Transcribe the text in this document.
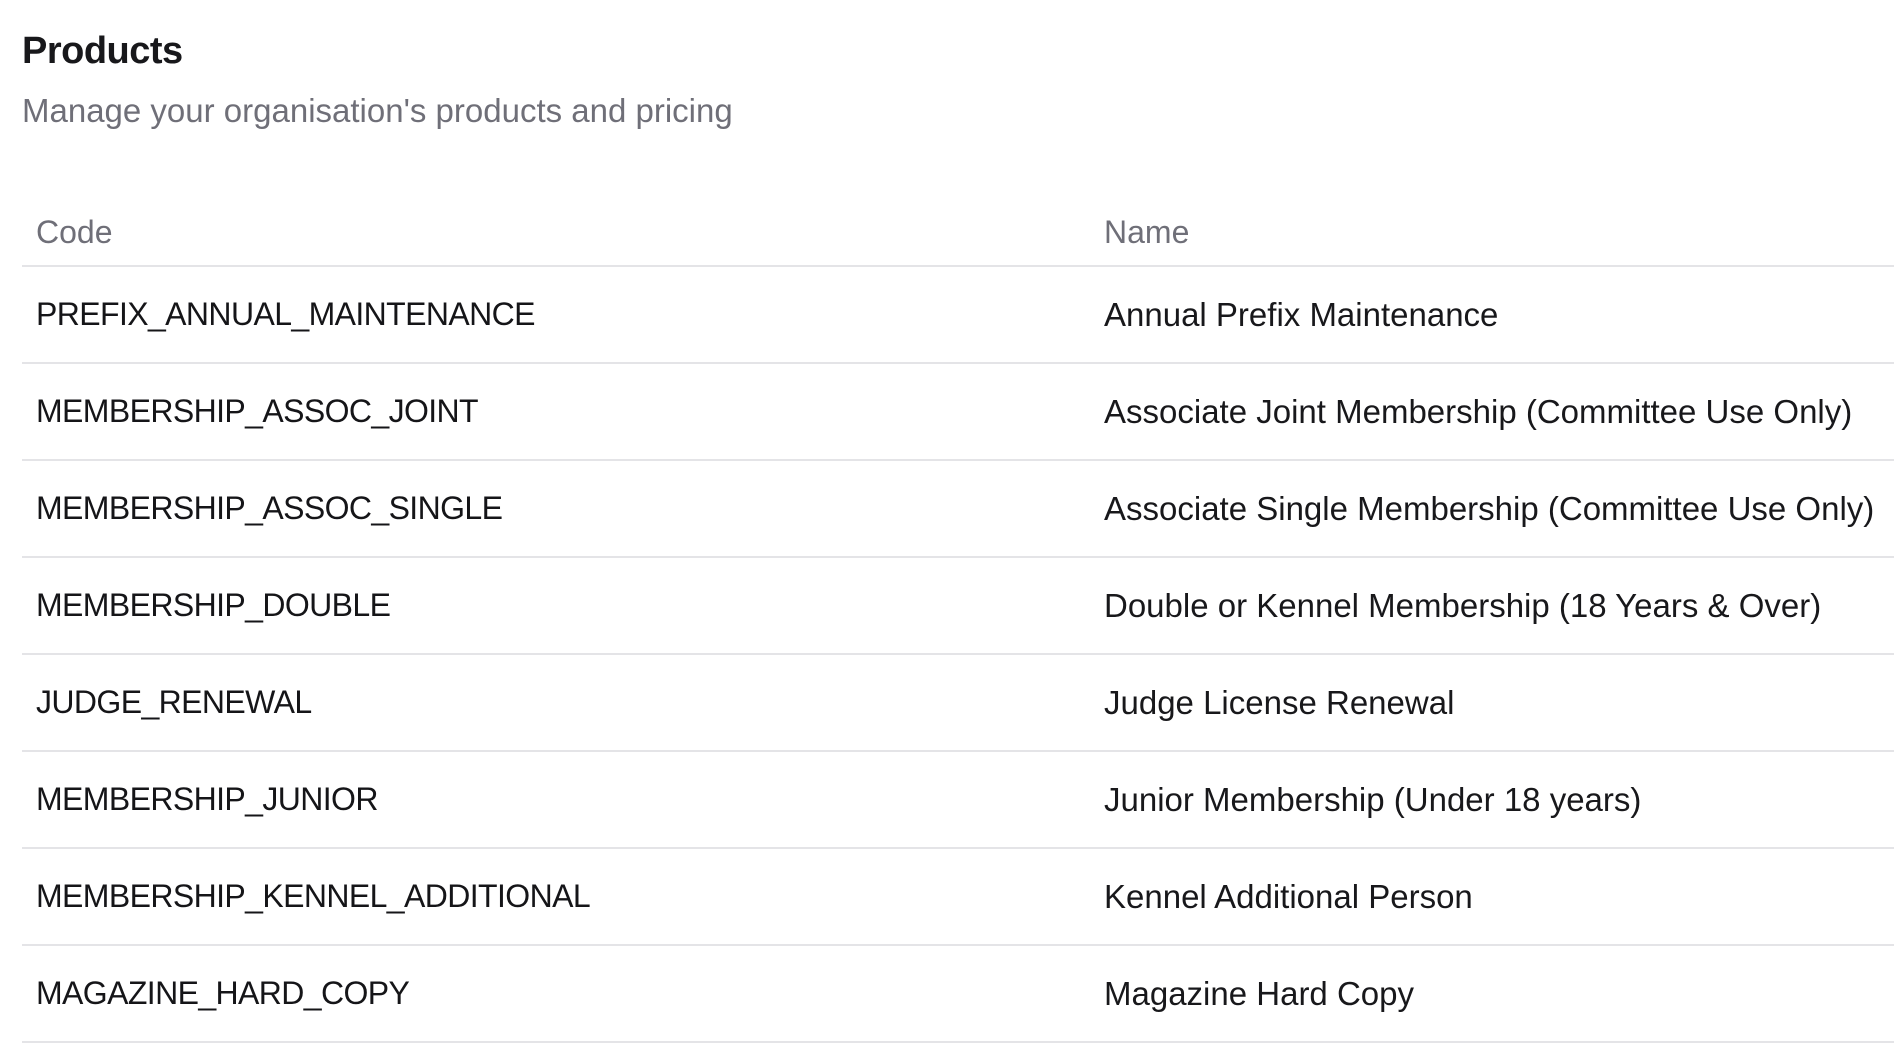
Products

Manage your organisation's products and pricing

Code	Name
PREFIX_ANNUAL_MAINTENANCE	Annual Prefix Maintenance
MEMBERSHIP_ASSOC_JOINT	Associate Joint Membership (Committee Use Only)
MEMBERSHIP_ASSOC_SINGLE	Associate Single Membership (Committee Use Only)
MEMBERSHIP_DOUBLE	Double or Kennel Membership (18 Years & Over)
JUDGE_RENEWAL	Judge License Renewal
MEMBERSHIP_JUNIOR	Junior Membership (Under 18 years)
MEMBERSHIP_KENNEL_ADDITIONAL	Kennel Additional Person
MAGAZINE_HARD_COPY	Magazine Hard Copy
